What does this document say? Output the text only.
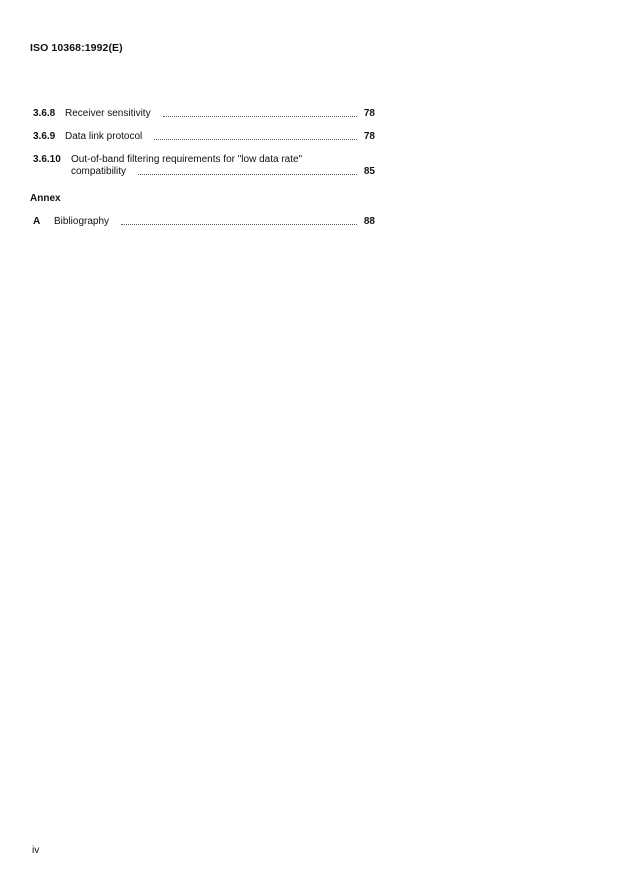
ISO 10368:1992(E)
3.6.8 Receiver sensitivity	78
3.6.9 Data link protocol	78
3.6.10	Out-of-band filtering requirements for "low data rate"
compatibility	85
A	Bibliography	88
Annex
iv
